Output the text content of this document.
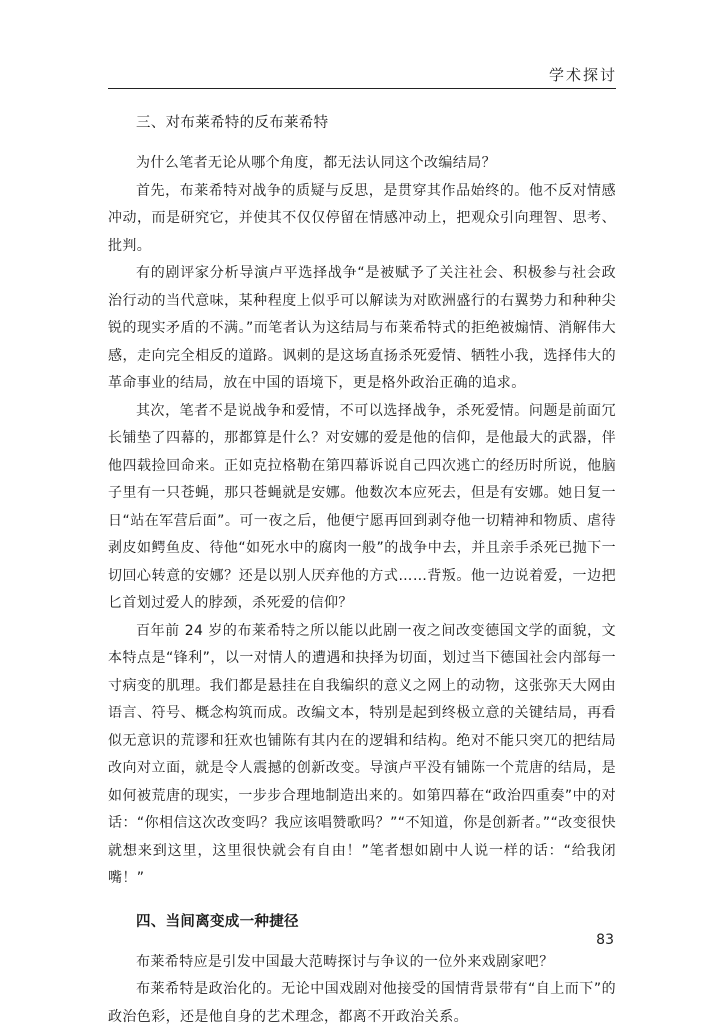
学术探讨
三、对布莱希特的反布莱希特

为什么笔者无论从哪个角度，都无法认同这个改编结局？

首先，布莱希特对战争的质疑与反思，是贯穿其作品始终的。他不反对情感冲动，而是研究它，并使其不仅仅停留在情感冲动上，把观众引向理智、思考、批判。

有的剧评家分析导演卢平选择战争“是被赋予了关注社会、积极参与社会政治行动的当代意味，某种程度上似乎可以解读为对欧洲盛行的右翼势力和种种尖锐的现实矛盾的不满。”而笔者认为这结局与布莱希特式的拒绝被煽情、消解伟大感，走向完全相反的道路。讽刺的是这场直扬杀死爱情、牺牲小我，选择伟大的革命事业的结局，放在中国的语境下，更是格外政治正确的追求。

其次，笔者不是说战争和爱情，不可以选择战争，杀死爱情。问题是前面冗长铺垫了四幕的，那都算是什么？对安娜的爱是他的信仰，是他最大的武器，伴他四载捡回命来。正如克拉格勒在第四幕诉说自己四次逃亡的经历时所说，他脑子里有一只苍蝇，那只苍蝇就是安娜。他数次本应死去，但是有安娜。她日复一日“站在军营后面”。可一夜之后，他便宁愿再回到剥夺他一切精神和物质、虐待剥皮如鳄鱼皮、待他“如死水中的腐肉一般”的战争中去，并且亲手杀死已抛下一切回心转意的安娜？还是以别人厌弃他的方式……背叛。他一边说着爱，一边把匕首划过爱人的脖颈，杀死爱的信仰？

百年前 24 岁的布莱希特之所以能以此剧一夜之间改变德国文学的面貌，文本特点是“锋利”，以一对情人的遭遇和抉择为切面，划过当下德国社会内部每一寸病变的肌理。我们都是悬挂在自我编织的意义之网上的动物，这张弥天大网由语言、符号、概念构筑而成。改编文本，特别是起到终极立意的关键结局，再看似无意识的荒谬和狂欢也铺陈有其内在的逻辑和结构。绝对不能只突兀的把结局改向对立面，就是令人震撼的创新改变。导演卢平没有铺陈一个荒唐的结局，是如何被荒唐的现实，一步步合理地制造出来的。如第四幕在“政治四重奏”中的对话：“你相信这次改变吗？我应该唱赞歌吗？”“不知道，你是创新者。”“改变很快就想来到这里，这里很快就会有自由！”笔者想如剧中人说一样的话：“给我闭嘴！”

四、当间离变成一种捷径

布莱希特应是引发中国最大范畴探讨与争议的一位外来戏剧家吧？

布莱希特是政治化的。无论中国戏剧对他接受的国情背景带有“自上而下”的政治色彩，还是他自身的艺术理念，都离不开政治关系。

83
